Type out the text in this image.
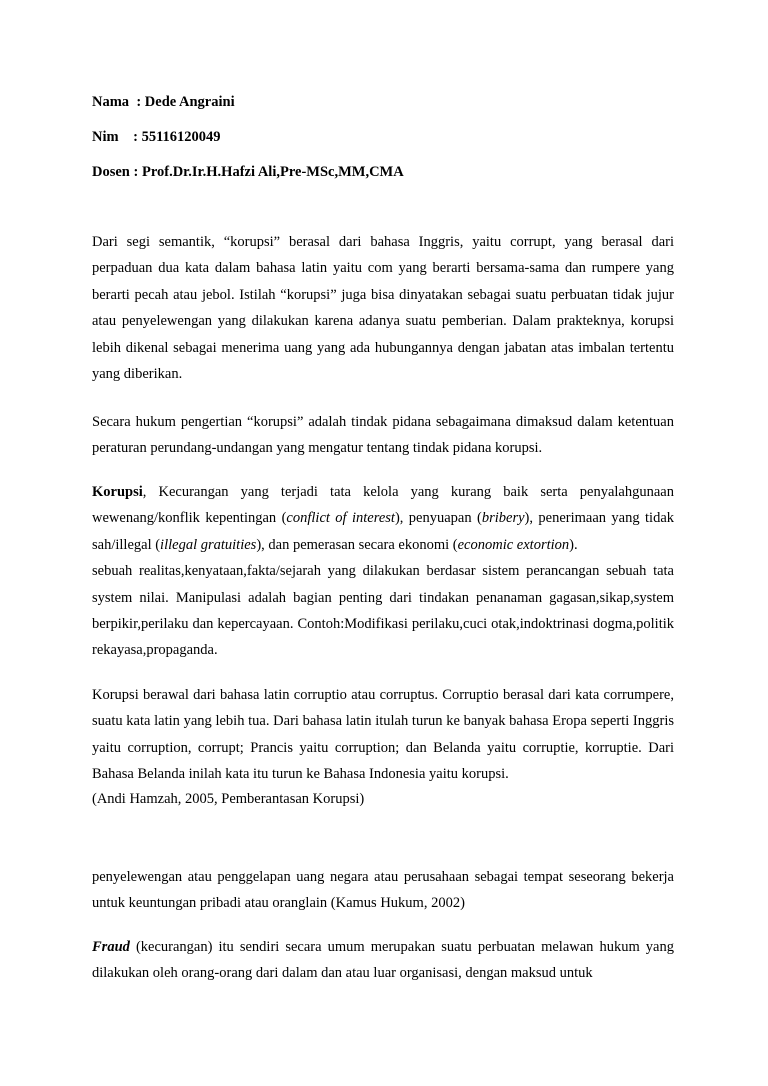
Nama  : Dede Angraini

Nim    : 55116120049

Dosen : Prof.Dr.Ir.H.Hafzi Ali,Pre-MSc,MM,CMA

Dari segi semantik, “korupsi” berasal dari bahasa Inggris, yaitu corrupt, yang berasal dari perpaduan dua kata dalam bahasa latin yaitu com yang berarti bersama-sama dan rumpere yang berarti pecah atau jebol. Istilah “korupsi” juga bisa dinyatakan sebagai suatu perbuatan tidak jujur atau penyelewengan yang dilakukan karena adanya suatu pemberian. Dalam prakteknya, korupsi lebih dikenal sebagai menerima uang yang ada hubungannya dengan jabatan atas imbalan tertentu yang diberikan.

Secara hukum pengertian “korupsi” adalah tindak pidana sebagaimana dimaksud dalam ketentuan peraturan perundang-undangan yang mengatur tentang tindak pidana korupsi.

Korupsi, Kecurangan yang terjadi tata kelola yang kurang baik serta penyalahgunaan wewenang/konflik kepentingan (conflict of interest), penyuapan (bribery), penerimaan yang tidak sah/illegal (illegal gratuities), dan pemerasan secara ekonomi (economic extortion).
sebuah realitas,kenyataan,fakta/sejarah yang dilakukan berdasar sistem perancangan sebuah tata system nilai. Manipulasi adalah bagian penting dari tindakan penanaman gagasan,sikap,system berpikir,perilaku dan kepercayaan. Contoh:Modifikasi perilaku,cuci otak,indoktrinasi dogma,politik rekayasa,propaganda.
Korupsi berawal dari bahasa latin corruptio atau corruptus. Corruptio berasal dari kata corrumpere, suatu kata latin yang lebih tua. Dari bahasa latin itulah turun ke banyak bahasa Eropa seperti Inggris yaitu corruption, corrupt; Prancis yaitu corruption; dan Belanda yaitu corruptie, korruptie. Dari Bahasa Belanda inilah kata itu turun ke Bahasa Indonesia yaitu korupsi.
(Andi Hamzah, 2005, Pemberantasan Korupsi)

penyelewengan atau penggelapan uang negara atau perusahaan sebagai tempat seseorang bekerja untuk keuntungan pribadi atau oranglain (Kamus Hukum, 2002)

Fraud (kecurangan) itu sendiri secara umum merupakan suatu perbuatan melawan hukum yang dilakukan oleh orang-orang dari dalam dan atau luar organisasi, dengan maksud untuk
